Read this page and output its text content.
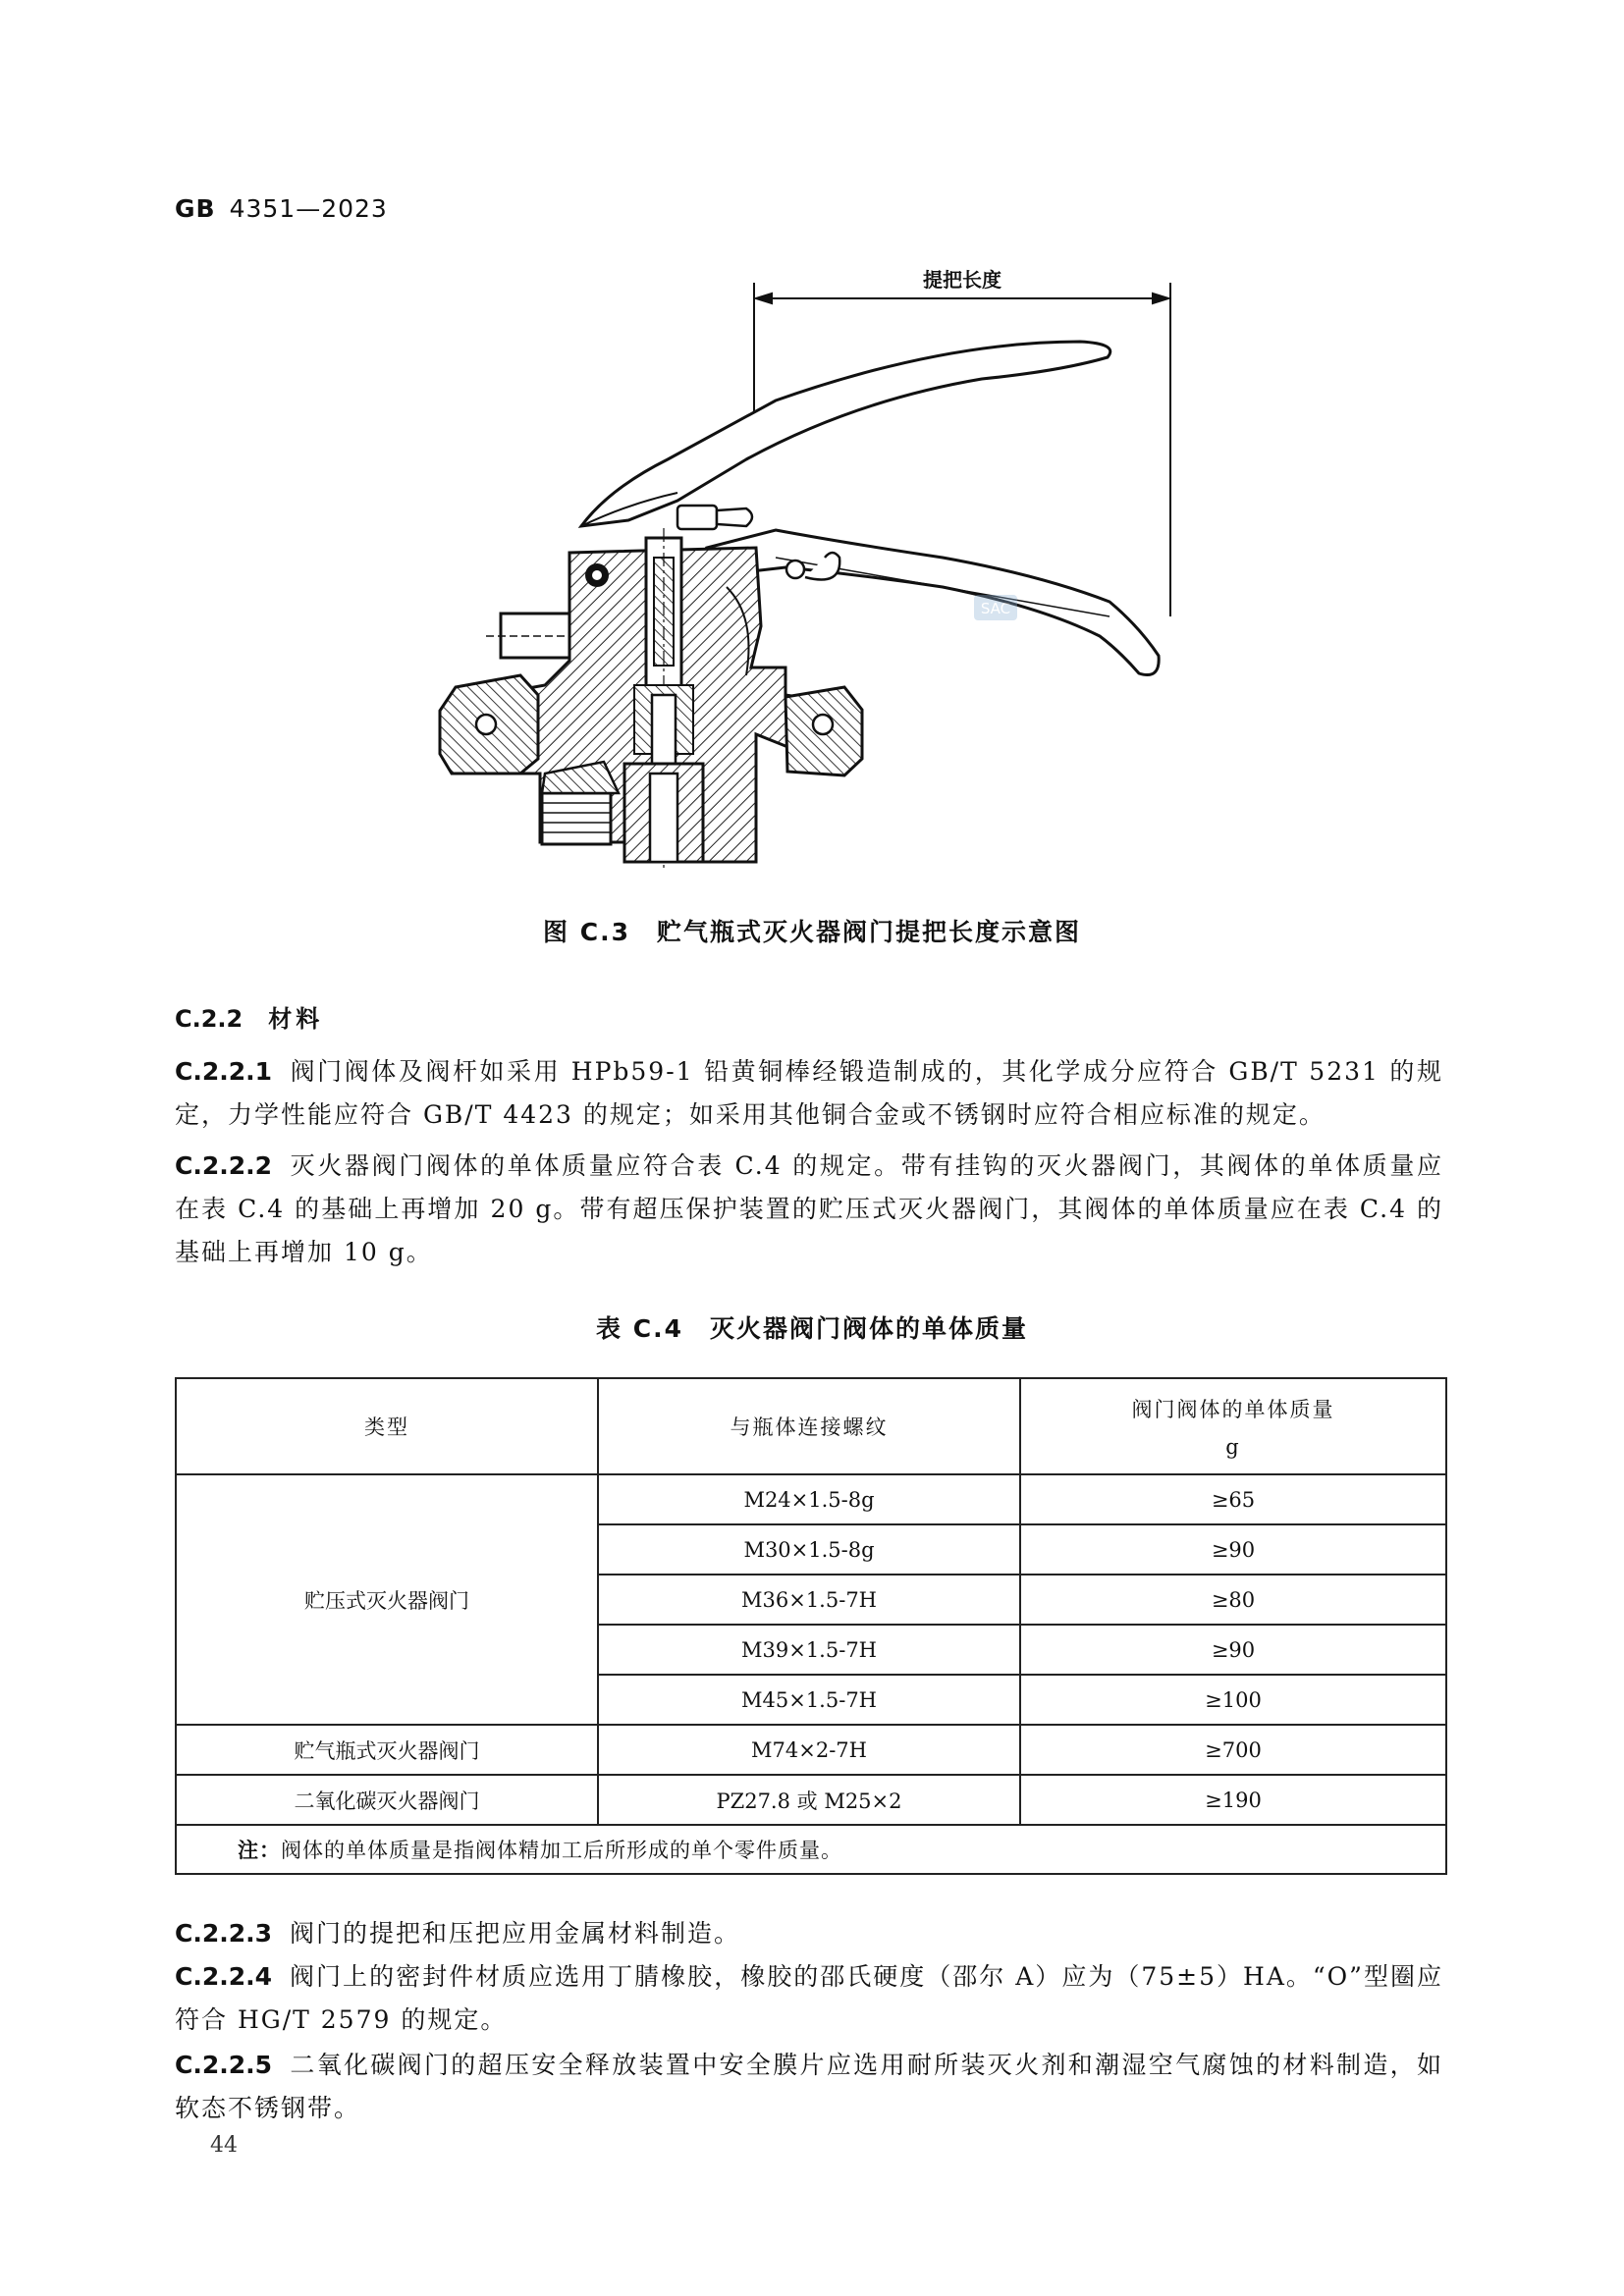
GB 4351—2023
提把长度
SAC
图 C.3　贮气瓶式灭火器阀门提把长度示意图
C.2.2 材料
C.2.2.1 阀门阀体及阀杆如采用 HPb59-1 铅黄铜棒经锻造制成的，其化学成分应符合 GB/T 5231 的规定，力学性能应符合 GB/T 4423 的规定；如采用其他铜合金或不锈钢时应符合相应标准的规定。
C.2.2.2 灭火器阀门阀体的单体质量应符合表 C.4 的规定。带有挂钩的灭火器阀门，其阀体的单体质量应在表 C.4 的基础上再增加 20 g。带有超压保护装置的贮压式灭火器阀门，其阀体的单体质量应在表 C.4 的基础上再增加 10 g。
表 C.4　灭火器阀门阀体的单体质量
类型	与瓶体连接螺纹	阀门阀体的单体质量
g

贮压式灭火器阀门	M24×1.5-8g	≥65
	M30×1.5-8g	≥90
	M36×1.5-7H	≥80
	M39×1.5-7H	≥90
	M45×1.5-7H	≥100
贮气瓶式灭火器阀门	M74×2-7H	≥700
二氧化碳灭火器阀门	PZ27.8 或 M25×2	≥190
注：阀体的单体质量是指阀体精加工后所形成的单个零件质量。		
C.2.2.3 阀门的提把和压把应用金属材料制造。
C.2.2.4 阀门上的密封件材质应选用丁腈橡胶，橡胶的邵氏硬度（邵尔 A）应为（75±5）HA。“O”型圈应符合 HG/T 2579 的规定。
C.2.2.5 二氧化碳阀门的超压安全释放装置中安全膜片应选用耐所装灭火剂和潮湿空气腐蚀的材料制造，如软态不锈钢带。
44
